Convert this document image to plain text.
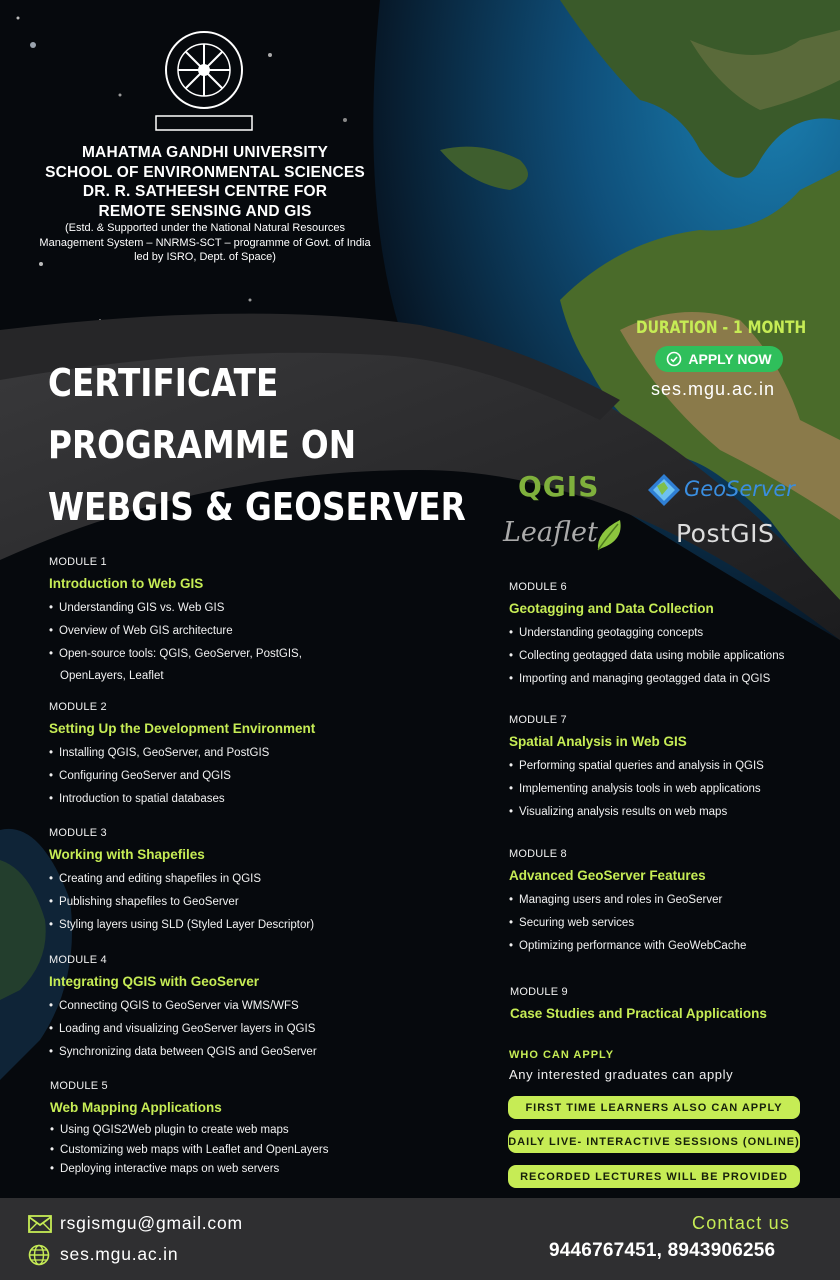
MAHATMA GANDHI UNIVERSITY
SCHOOL OF ENVIRONMENTAL SCIENCES
DR. R. SATHEESH CENTRE FOR
REMOTE SENSING AND GIS
(Estd. & Supported under the National Natural Resources
Management System – NNRMS-SCT – programme of Govt. of India
led by ISRO, Dept. of Space)
CERTIFICATE
PROGRAMME ON
WEBGIS & GEOSERVER
DURATION - 1 MONTH
APPLY NOW
ses.mgu.ac.in
QGIS	GeoServer
Leaflet	PostGIS
MODULE 1
Introduction to Web GIS
• Understanding GIS vs. Web GIS
• Overview of Web GIS architecture
• Open-source tools: QGIS, GeoServer, PostGIS,
OpenLayers, Leaflet
MODULE 2
Setting Up the Development Environment
• Installing QGIS, GeoServer, and PostGIS
• Configuring GeoServer and QGIS
• Introduction to spatial databases
MODULE 3
Working with Shapefiles
• Creating and editing shapefiles in QGIS
• Publishing shapefiles to GeoServer
• Styling layers using SLD (Styled Layer Descriptor)
MODULE 4
Integrating QGIS with GeoServer
• Connecting QGIS to GeoServer via WMS/WFS
• Loading and visualizing GeoServer layers in QGIS
• Synchronizing data between QGIS and GeoServer
MODULE 5
Web Mapping Applications
• Using QGIS2Web plugin to create web maps
• Customizing web maps with Leaflet and OpenLayers
• Deploying interactive maps on web servers
MODULE 6
Geotagging and Data Collection
• Understanding geotagging concepts
• Collecting geotagged data using mobile applications
• Importing and managing geotagged data in QGIS
MODULE 7
Spatial Analysis in Web GIS
• Performing spatial queries and analysis in QGIS
• Implementing analysis tools in web applications
• Visualizing analysis results on web maps
MODULE 8
Advanced GeoServer Features
• Managing users and roles in GeoServer
• Securing web services
• Optimizing performance with GeoWebCache
MODULE 9
Case Studies and Practical Applications
WHO CAN APPLY
Any interested graduates can apply
FIRST TIME LEARNERS ALSO CAN APPLY
DAILY LIVE- INTERACTIVE SESSIONS (ONLINE)
RECORDED LECTURES WILL BE PROVIDED
rsgismgu@gmail.com
ses.mgu.ac.in
Contact us
9446767451, 8943906256
